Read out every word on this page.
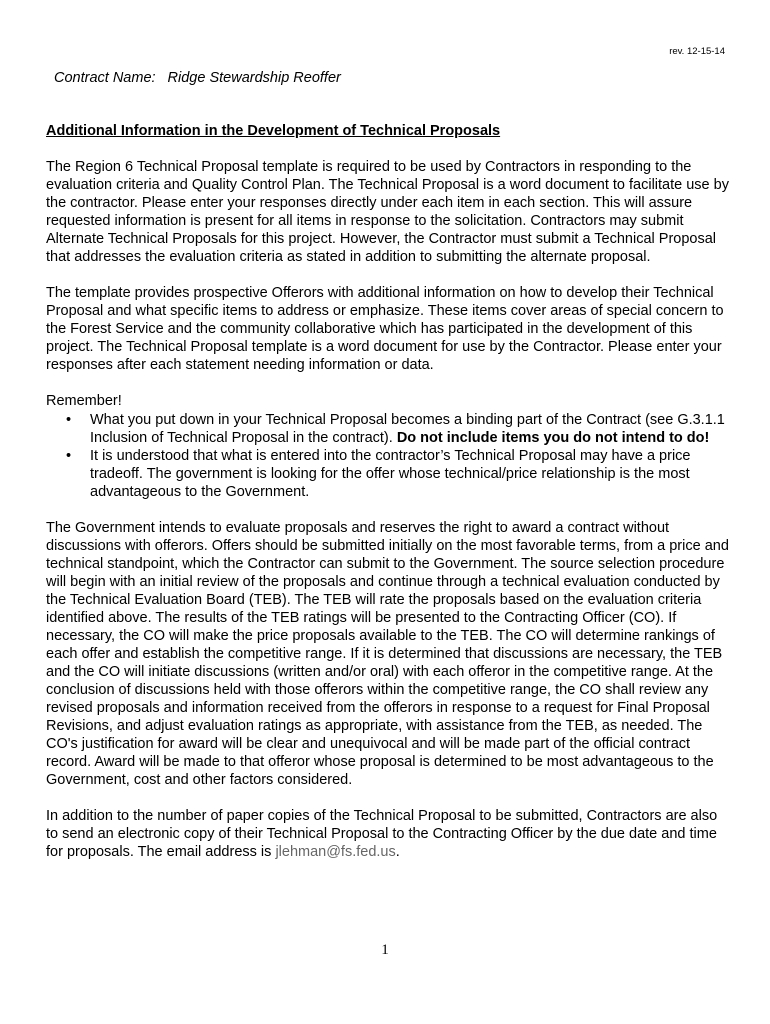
rev. 12-15-14
Contract Name: Ridge Stewardship Reoffer
Additional Information in the Development of Technical Proposals

The Region 6 Technical Proposal template is required to be used by Contractors in responding to the evaluation criteria and Quality Control Plan. The Technical Proposal is a word document to facilitate use by the contractor. Please enter your responses directly under each item in each section. This will assure requested information is present for all items in response to the solicitation. Contractors may submit Alternate Technical Proposals for this project. However, the Contractor must submit a Technical Proposal that addresses the evaluation criteria as stated in addition to submitting the alternate proposal.

The template provides prospective Offerors with additional information on how to develop their Technical Proposal and what specific items to address or emphasize. These items cover areas of special concern to the Forest Service and the community collaborative which has participated in the development of this project. The Technical Proposal template is a word document for use by the Contractor. Please enter your responses after each statement needing information or data.

Remember!
• What you put down in your Technical Proposal becomes a binding part of the Contract (see G.3.1.1 Inclusion of Technical Proposal in the contract). Do not include items you do not intend to do!
• It is understood that what is entered into the contractor’s Technical Proposal may have a price tradeoff. The government is looking for the offer whose technical/price relationship is the most advantageous to the Government.

The Government intends to evaluate proposals and reserves the right to award a contract without discussions with offerors. Offers should be submitted initially on the most favorable terms, from a price and technical standpoint, which the Contractor can submit to the Government. The source selection procedure will begin with an initial review of the proposals and continue through a technical evaluation conducted by the Technical Evaluation Board (TEB). The TEB will rate the proposals based on the evaluation criteria identified above. The results of the TEB ratings will be presented to the Contracting Officer (CO). If necessary, the CO will make the price proposals available to the TEB. The CO will determine rankings of each offer and establish the competitive range. If it is determined that discussions are necessary, the TEB and the CO will initiate discussions (written and/or oral) with each offeror in the competitive range. At the conclusion of discussions held with those offerors within the competitive range, the CO shall review any revised proposals and information received from the offerors in response to a request for Final Proposal Revisions, and adjust evaluation ratings as appropriate, with assistance from the TEB, as needed. The CO's justification for award will be clear and unequivocal and will be made part of the official contract record. Award will be made to that offeror whose proposal is determined to be most advantageous to the Government, cost and other factors considered.

In addition to the number of paper copies of the Technical Proposal to be submitted, Contractors are also to send an electronic copy of their Technical Proposal to the Contracting Officer by the due date and time for proposals. The email address is jlehman@fs.fed.us.

1
